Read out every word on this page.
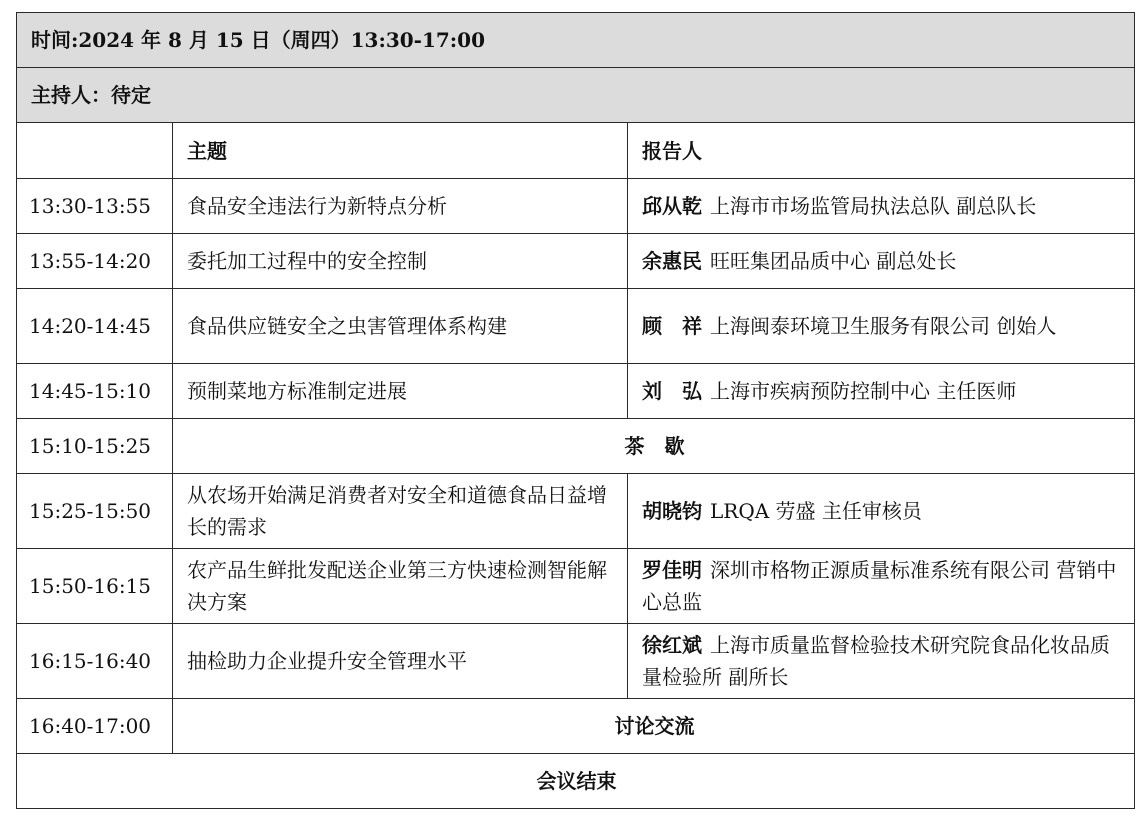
时间:2024 年 8 月 15 日（周四）13:30-17:00		
主持人：待定		
	主题	报告人
13:30-13:55	食品安全违法行为新特点分析	邱从乾 上海市市场监管局执法总队 副总队长
13:55-14:20	委托加工过程中的安全控制	余惠民 旺旺集团品质中心 副总处长
14:20-14:45	食品供应链安全之虫害管理体系构建	顾　祥 上海闽泰环境卫生服务有限公司 创始人
14:45-15:10	预制菜地方标准制定进展	刘　弘 上海市疾病预防控制中心 主任医师
15:10-15:25	茶　歇	
15:25-15:50	从农场开始满足消费者对安全和道德食品日益增长的需求	胡晓钧 LRQA 劳盛 主任审核员
15:50-16:15	农产品生鲜批发配送企业第三方快速检测智能解决方案	罗佳明 深圳市格物正源质量标准系统有限公司 营销中心总监
16:15-16:40	抽检助力企业提升安全管理水平	徐红斌 上海市质量监督检验技术研究院食品化妆品质量检验所 副所长
16:40-17:00	讨论交流	
会议结束		
